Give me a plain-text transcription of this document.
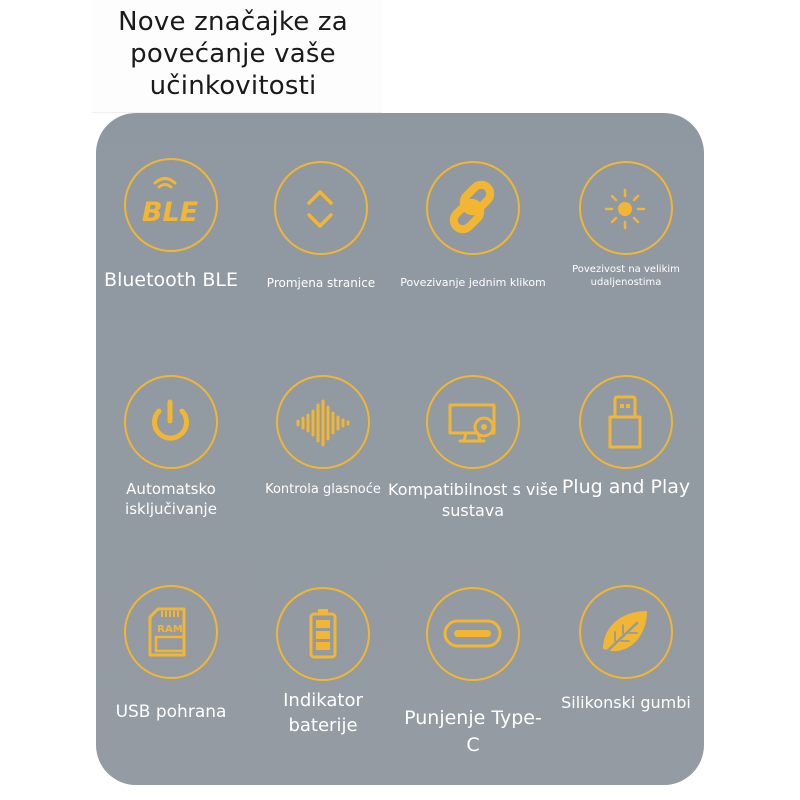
Nove značajke za povećanje vaše učinkovitosti
BLE
Bluetooth BLE	Promjena stranice	Povezivanje jednim klikom
Povezivost na velikim udaljenostima
Automatsko isključivanje
Kontrola glasnoće Kompatibilnost s više sustava
Plug and Play
RAM
USB pohrana
Indikator baterije	Punjenje Type-C
Silikonski gumbi
